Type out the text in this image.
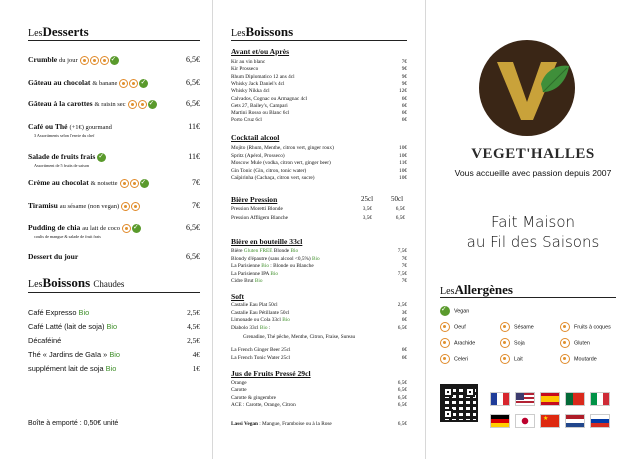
LesDesserts
Crumble du jour ✓	6,5€
Gâteau au chocolat & banane ✓	6,5€
Gâteau à la carottes & raisin sec ✓	6,5€
Café ou Thé (+1€) gourmand	11€
3 Assortiments selon l'envie du chef
Salade de fruits frais ✓	11€
Assortiment de 5 fruits de saison
Crème au chocolat & noisette ✓	7€
Tiramisu au sésame (non vegan)	7€
Pudding de chia au lait de coco ✓	6,5€
coulis de mangue & salade de fruit frais
Dessert du jour	6,5€
LesBoissons Chaudes
Café Expresso Bio	2,5€
Café Latté (lait de soja) Bio	4,5€
Décaféiné	2,5€
Thé « Jardins de Gaïa » Bio	4€
supplément lait de soja Bio	1€
Boîte à emporté : 0,50€ unité
LesBoissons
Avant et/ou Après
Kir au vin blanc	7€
Kir Prosseco	9€
Rhum Diplomatico 12 ans 4cl	9€
Whisky Jack Daniel's 4cl	9€
Whisky Nikka 4cl	12€
Calvados, Cognac ou Armagnac 4cl	6€
Gets 27, Bailey's, Campari	6€
Martini Rosso ou Blanc 6cl	6€
Porto Cruz 6cl	6€
Cocktail alcool
Mojito (Rhum, Menthe, citron vert, ginger roux)	10€
Spritz (Apérol, Prosseco)	10€
Moscow Mule (vodka, citron vert, ginger beer)	11€
Gin Tonic (Gin, citron, tonic water)	10€
Caïpirinha (Cachaça, citron vert, sucre)	10€
Bière Pression	25cl	50cl
Pression Moretti Blonde	3,5€	6,5€
Pression Affligem Blanche	3,5€	6,5€
Bière en bouteille 33cl
Bière Gluten FREE Blonde Bio	7,5€
Blondy d'épautre (sans alcool <0,5%) Bio	7€
La Parisienne Bio : Blonde ou Blanche	7€
La Parisienne IPA Bio	7,5€
Cidre Brut Bio	7€
Soft
Castalie Eau Plat 50cl	2,5€
Castalie Eau Pétillante 50cl	3€
Limonade ou Cola 33cl Bio	6€
Diabolo 33cl Bio :	6,5€
Grenadine, Thé pêche, Menthe, Citron, Fraise, Sureau
La French Ginger Beer 25cl	6€
La French Tonic Water 25cl	6€
Jus de Fruits Pressé 29cl
Orange	6,5€
Carotte	6,5€
Carotte & gingembre	6,5€
ACE : Carotte, Orange, Citron	6,5€
Lassi Vegan : Mangue, Framboise ou à la Rose	6,5€
VEGET'HALLES
Vous accueille avec passion depuis 2007
Fait Maison
au Fil des Saisons
LesAllergènes
✓Vegan
Oeuf	Sésame	Fruits à coques
Arachide	Soja	Gluten
Celeri	Lait	Moutarde
★
